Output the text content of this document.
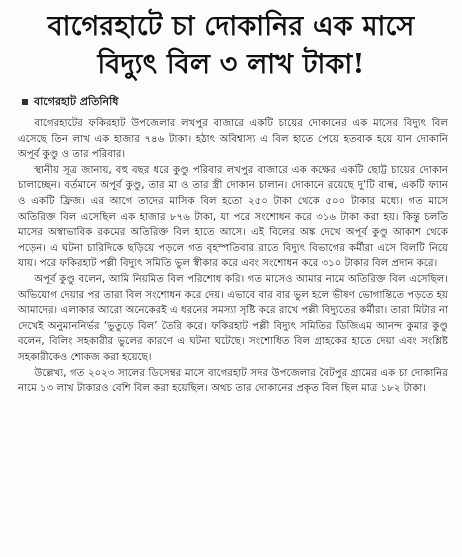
বাগেরহাটে চা দোকানির এক মাসে
বিদ্যুৎ বিল ৩ লাখ টাকা!
বাগেরহাট প্রতিনিধি

বাগেরহাটের ফকিরহাট উপজেলার লখপুর বাজারে একটি চায়ের দোকানের এক মাসের বিদ্যুৎ বিল এসেছে তিন লাখ এক হাজার ৭৪৬ টাকা। হঠাৎ অবিশ্বাস্য এ বিল হাতে পেয়ে হতবাক হয়ে যান দোকানি অপূর্ব কুণ্ডু ও তার পরিবার।

স্থানীয় সূত্র জানায়, বহু বছর ধরে কুণ্ডু পরিবার লখপুর বাজারে এক কক্ষের একটি ছোট্ট চায়ের দোকান চালাচ্ছেন। বর্তমানে অপূর্ব কুণ্ডু, তার মা ও তার স্ত্রী দোকান চালান। দোকানে রয়েছে দু’টি বাল্ব, একটি ফ্যান ও একটি ফ্রিজ। এর আগে তাদের মাসিক বিল হতো ২৫০ টাকা থেকে ৫০০ টাকার মধ্যে। গত মাসে অতিরিক্ত বিল এসেছিল এক হাজার ৮৭৬ টাকা, যা পরে সংশোধন করে ৩১৬ টাকা করা হয়। কিন্তু চলতি মাসের অস্বাভাবিক রকমের অতিরিক্ত বিল হাতে আসে। এই বিলের অঙ্ক দেখে অপূর্ব কুণ্ডু আকাশ থেকে পড়েন। এ ঘটনা চারিদিকে ছড়িয়ে পড়লে গত বৃহস্পতিবার রাতে বিদ্যুৎ বিভাগের কর্মীরা এসে বিলটি নিয়ে যায়। পরে ফকিরহাট পল্লী বিদ্যুৎ সমিতি ভুল স্বীকার করে এবং সংশোধন করে ৩১০ টাকার বিল প্রদান করে।

অপূর্ব কুণ্ডু বলেন, আমি নিয়মিত বিল পরিশোধ করি। গত মাসেও আমার নামে অতিরিক্ত বিল এসেছিল। অভিযোগ দেয়ার পর তারা বিল সংশোধন করে দেয়। এভাবে বার বার ভুল হলে ভীষণ ভোগান্তিতে পড়তে হয় আমাদের। এলাকার আরো অনেকেরই এ ধরনের সমস্যা সৃষ্টি করে রাখে পল্লী বিদ্যুতের কর্মীরা। তারা মিটার না দেখেই অনুমাননির্ভর ‘ভুতুড়ে বিল’ তৈরি করে। ফকিরহাট পল্লী বিদ্যুৎ সমিতির ডিজিএম আনন্দ কুমার কুণ্ডু বলেন, বিলিং সহকারীর ভুলের কারণে এ ঘটনা ঘটেছে। সংশোধিত বিল গ্রাহকের হাতে দেয়া এবং সংশ্লিষ্ট সহকারীকেও শোকজ করা হয়েছে।

উল্লেখ্য, গত ২০২৩ সালের ডিসেম্বর মাসে বাগেরহাট সদর উপজেলার বৈটপুর গ্রামের এক চা দোকানির নামে ১৩ লাখ টাকারও বেশি বিল করা হয়েছিল। অথচ তার দোকানের প্রকৃত বিল ছিল মাত্র ১৮২ টাকা।
